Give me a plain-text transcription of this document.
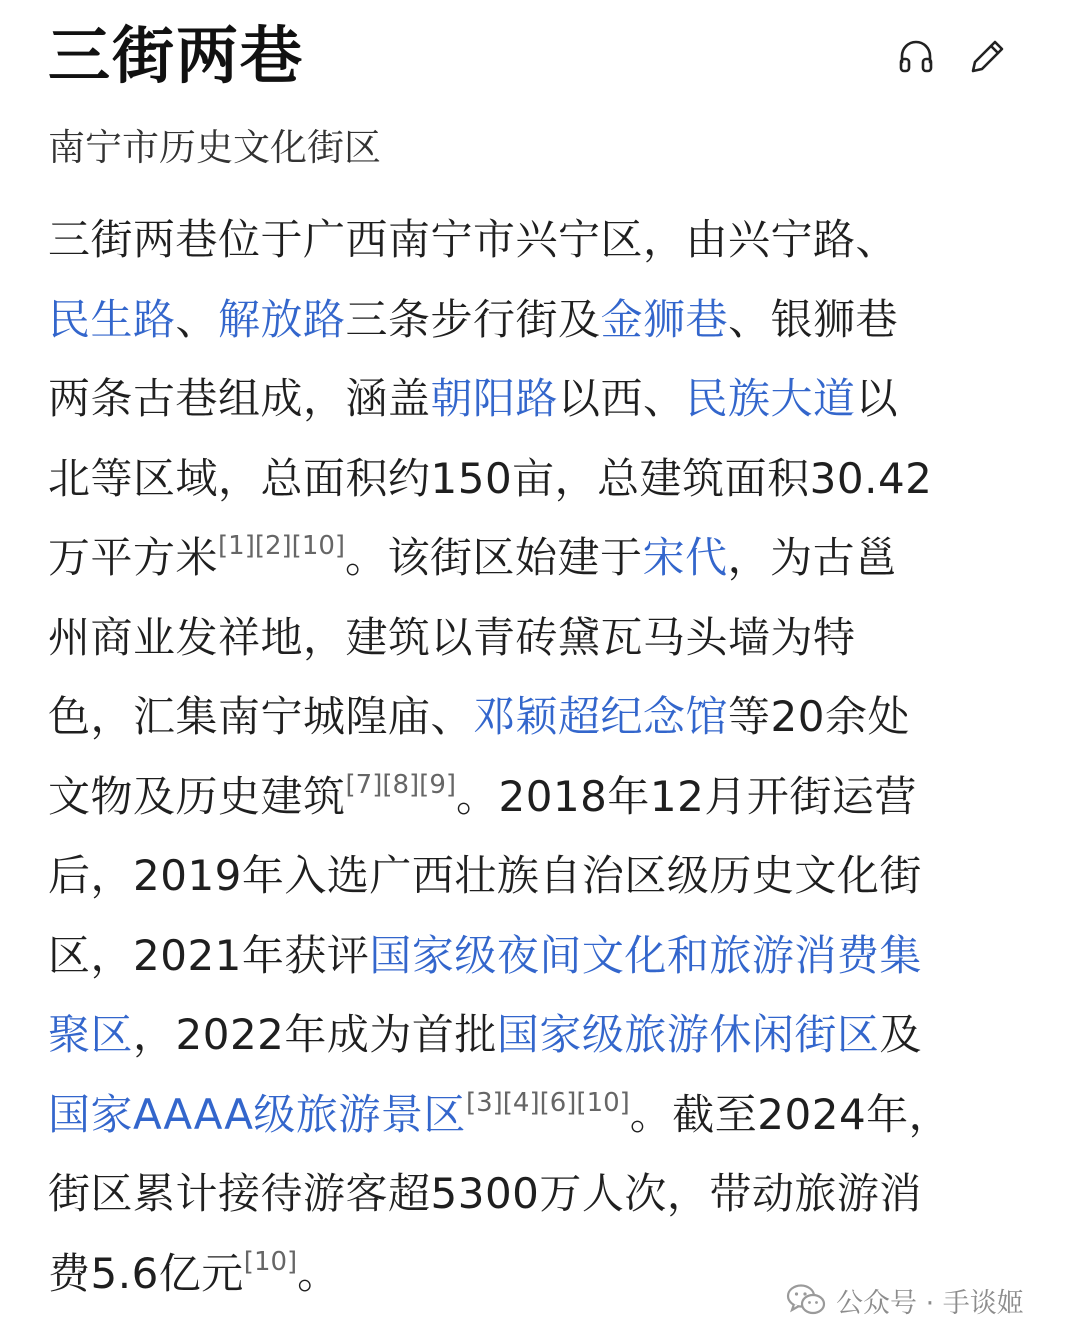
三街两巷
南宁市历史文化街区
三街两巷位于广西南宁市兴宁区，由兴宁路、
民生路、解放路三条步行街及金狮巷、银狮巷
两条古巷组成，涵盖朝阳路以西、民族大道以
北等区域，总面积约150亩，总建筑面积30.42
万平方米[1][2][10]。该街区始建于宋代，为古邕
州商业发祥地，建筑以青砖黛瓦马头墙为特
色，汇集南宁城隍庙、邓颖超纪念馆等20余处
文物及历史建筑[7][8][9]。2018年12月开街运营
后，2019年入选广西壮族自治区级历史文化街
区，2021年获评国家级夜间文化和旅游消费集
聚区，2022年成为首批国家级旅游休闲街区及
国家AAAA级旅游景区[3][4][6][10]。截至2024年，
街区累计接待游客超5300万人次，带动旅游消
费5.6亿元[10]。
公众号 · 手谈姬
